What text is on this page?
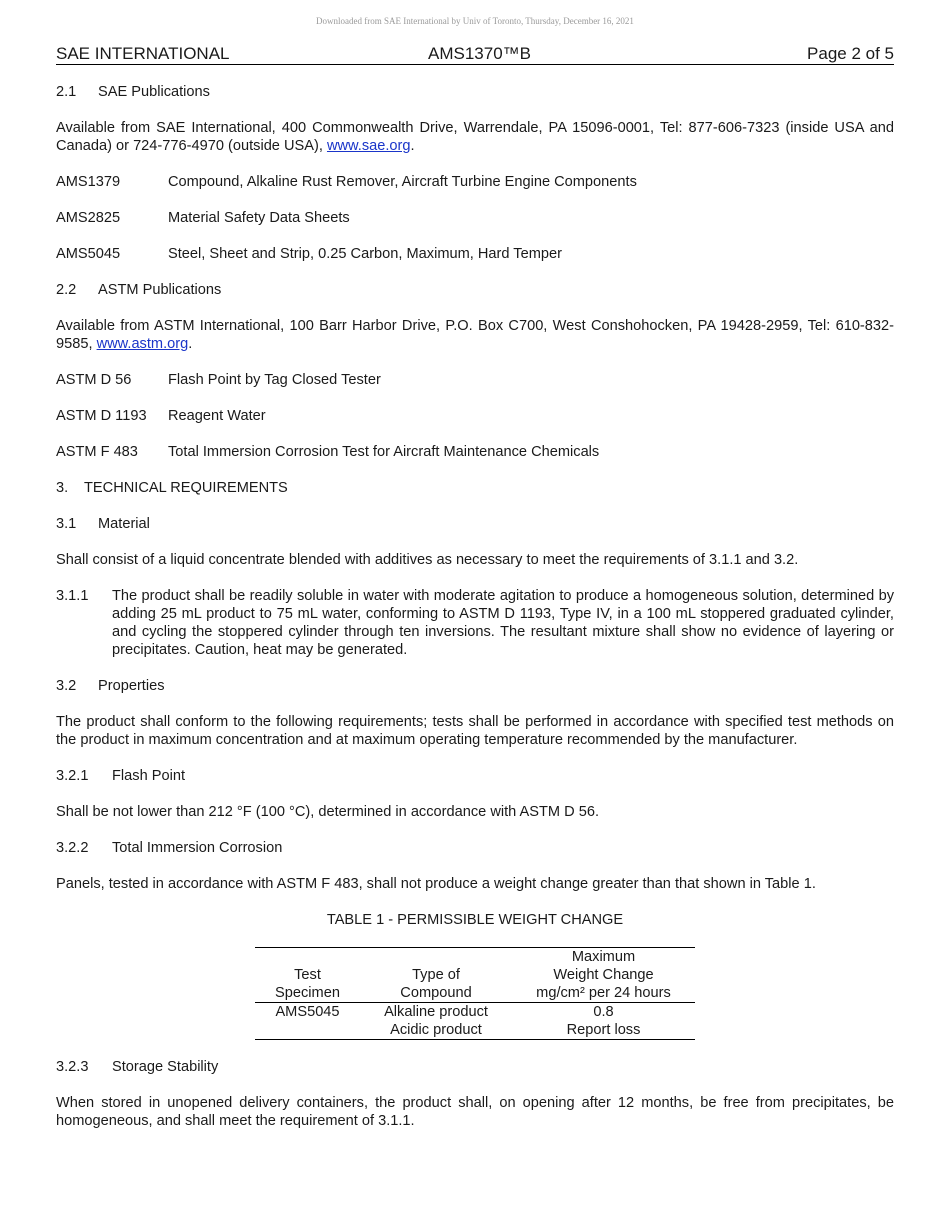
Downloaded from SAE International by Univ of Toronto, Thursday, December 16, 2021
SAE INTERNATIONAL	AMS1370™B	Page 2 of 5

2.1 SAE Publications

Available from SAE International, 400 Commonwealth Drive, Warrendale, PA 15096-0001, Tel: 877-606-7323 (inside USA and Canada) or 724-776-4970 (outside USA), www.sae.org.

AMS1379	Compound, Alkaline Rust Remover, Aircraft Turbine Engine Components
AMS2825	Material Safety Data Sheets
AMS5045	Steel, Sheet and Strip, 0.25 Carbon, Maximum, Hard Temper

2.2 ASTM Publications

Available from ASTM International, 100 Barr Harbor Drive, P.O. Box C700, West Conshohocken, PA 19428-2959, Tel: 610-832-9585, www.astm.org.

ASTM D 56	Flash Point by Tag Closed Tester
ASTM D 1193	Reagent Water
ASTM F 483	Total Immersion Corrosion Test for Aircraft Maintenance Chemicals

3. TECHNICAL REQUIREMENTS

3.1 Material

Shall consist of a liquid concentrate blended with additives as necessary to meet the requirements of 3.1.1 and 3.2.

3.1.1	The product shall be readily soluble in water with moderate agitation to produce a homogeneous solution, determined by adding 25 mL product to 75 mL water, conforming to ASTM D 1193, Type IV, in a 100 mL stoppered graduated cylinder, and cycling the stoppered cylinder through ten inversions. The resultant mixture shall show no evidence of layering or precipitates. Caution, heat may be generated.

3.2 Properties

The product shall conform to the following requirements; tests shall be performed in accordance with specified test methods on the product in maximum concentration and at maximum operating temperature recommended by the manufacturer.

3.2.1 Flash Point

Shall be not lower than 212 °F (100 °C), determined in accordance with ASTM D 56.

3.2.2 Total Immersion Corrosion

Panels, tested in accordance with ASTM F 483, shall not produce a weight change greater than that shown in Table 1.

TABLE 1 - PERMISSIBLE WEIGHT CHANGE

		Maximum
Test	Type of	Weight Change
Specimen	Compound	mg/cm² per 24 hours
AMS5045	Alkaline product	0.8
	Acidic product	Report loss

3.2.3 Storage Stability

When stored in unopened delivery containers, the product shall, on opening after 12 months, be free from precipitates, be homogeneous, and shall meet the requirement of 3.1.1.
